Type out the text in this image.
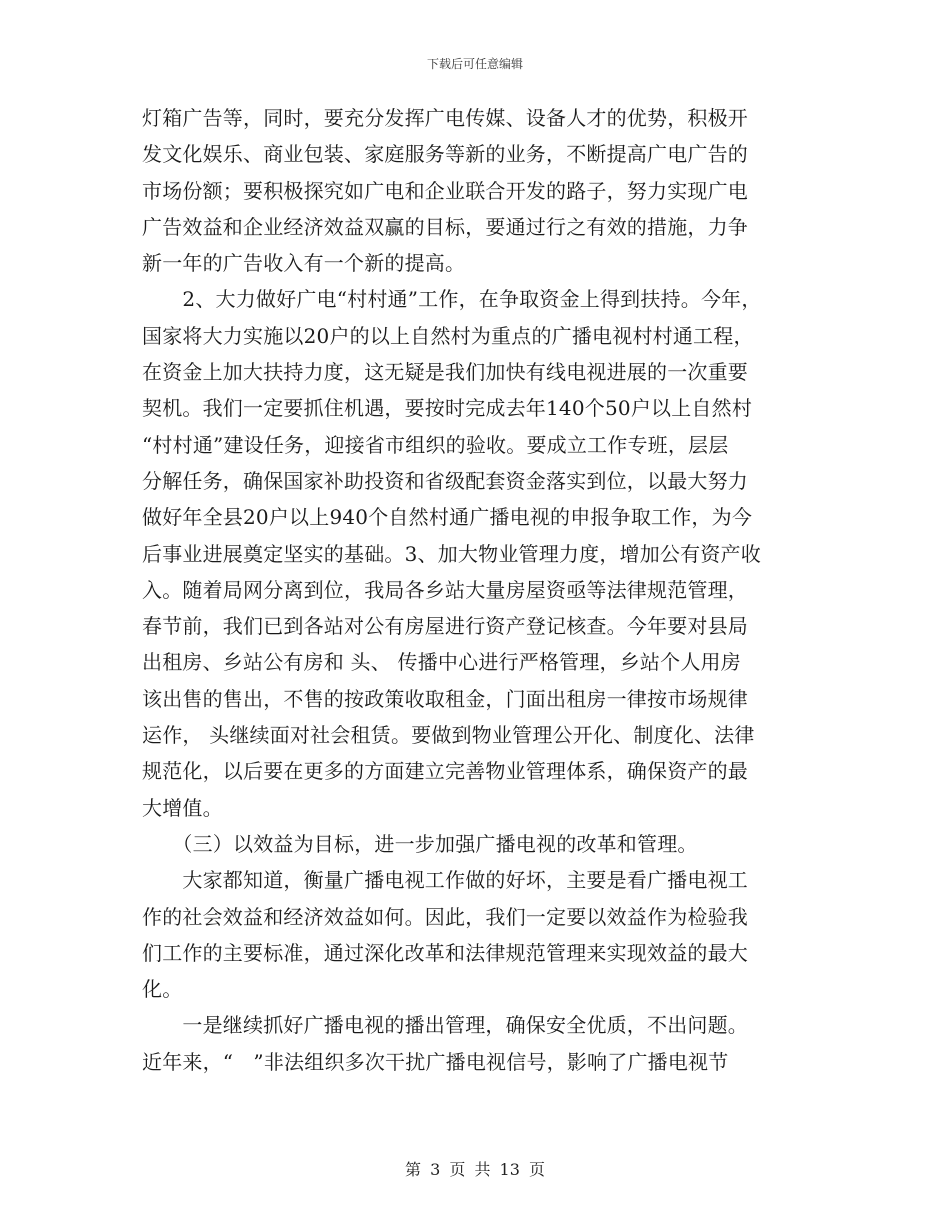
下载后可任意编辑
灯箱广告等，同时，要充分发挥广电传媒、设备人才的优势，积极开
发文化娱乐、商业包装、家庭服务等新的业务，不断提高广电广告的
市场份额；要积极探究如广电和企业联合开发的路子，努力实现广电
广告效益和企业经济效益双赢的目标，要通过行之有效的措施，力争
新一年的广告收入有一个新的提高。
　　2、大力做好广电“村村通”工作，在争取资金上得到扶持。今年，
国家将大力实施以20户的以上自然村为重点的广播电视村村通工程，
在资金上加大扶持力度，这无疑是我们加快有线电视进展的一次重要
契机。我们一定要抓住机遇，要按时完成去年140个50户以上自然村
“村村通”建设任务，迎接省市组织的验收。要成立工作专班，层层
分解任务，确保国家补助投资和省级配套资金落实到位，以最大努力
做好年全县20户以上940个自然村通广播电视的申报争取工作，为今
后事业进展奠定坚实的基础。3、加大物业管理力度，增加公有资产收
入。随着局网分离到位，我局各乡站大量房屋资亟等法律规范管理，
春节前，我们已到各站对公有房屋进行资产登记核查。今年要对县局
出租房、乡站公有房和 头、 传播中心进行严格管理，乡站个人用房
该出售的售出，不售的按政策收取租金，门面出租房一律按市场规律
运作， 头继续面对社会租赁。要做到物业管理公开化、制度化、法律
规范化，以后要在更多的方面建立完善物业管理体系，确保资产的最
大增值。
　　（三）以效益为目标，进一步加强广播电视的改革和管理。
　　大家都知道，衡量广播电视工作做的好坏，主要是看广播电视工
作的社会效益和经济效益如何。因此，我们一定要以效益作为检验我
们工作的主要标准，通过深化改革和法律规范管理来实现效益的最大
化。
　　一是继续抓好广播电视的播出管理，确保安全优质，不出问题。
近年来，“　”非法组织多次干扰广播电视信号，影响了广播电视节
第 3 页 共 13 页
